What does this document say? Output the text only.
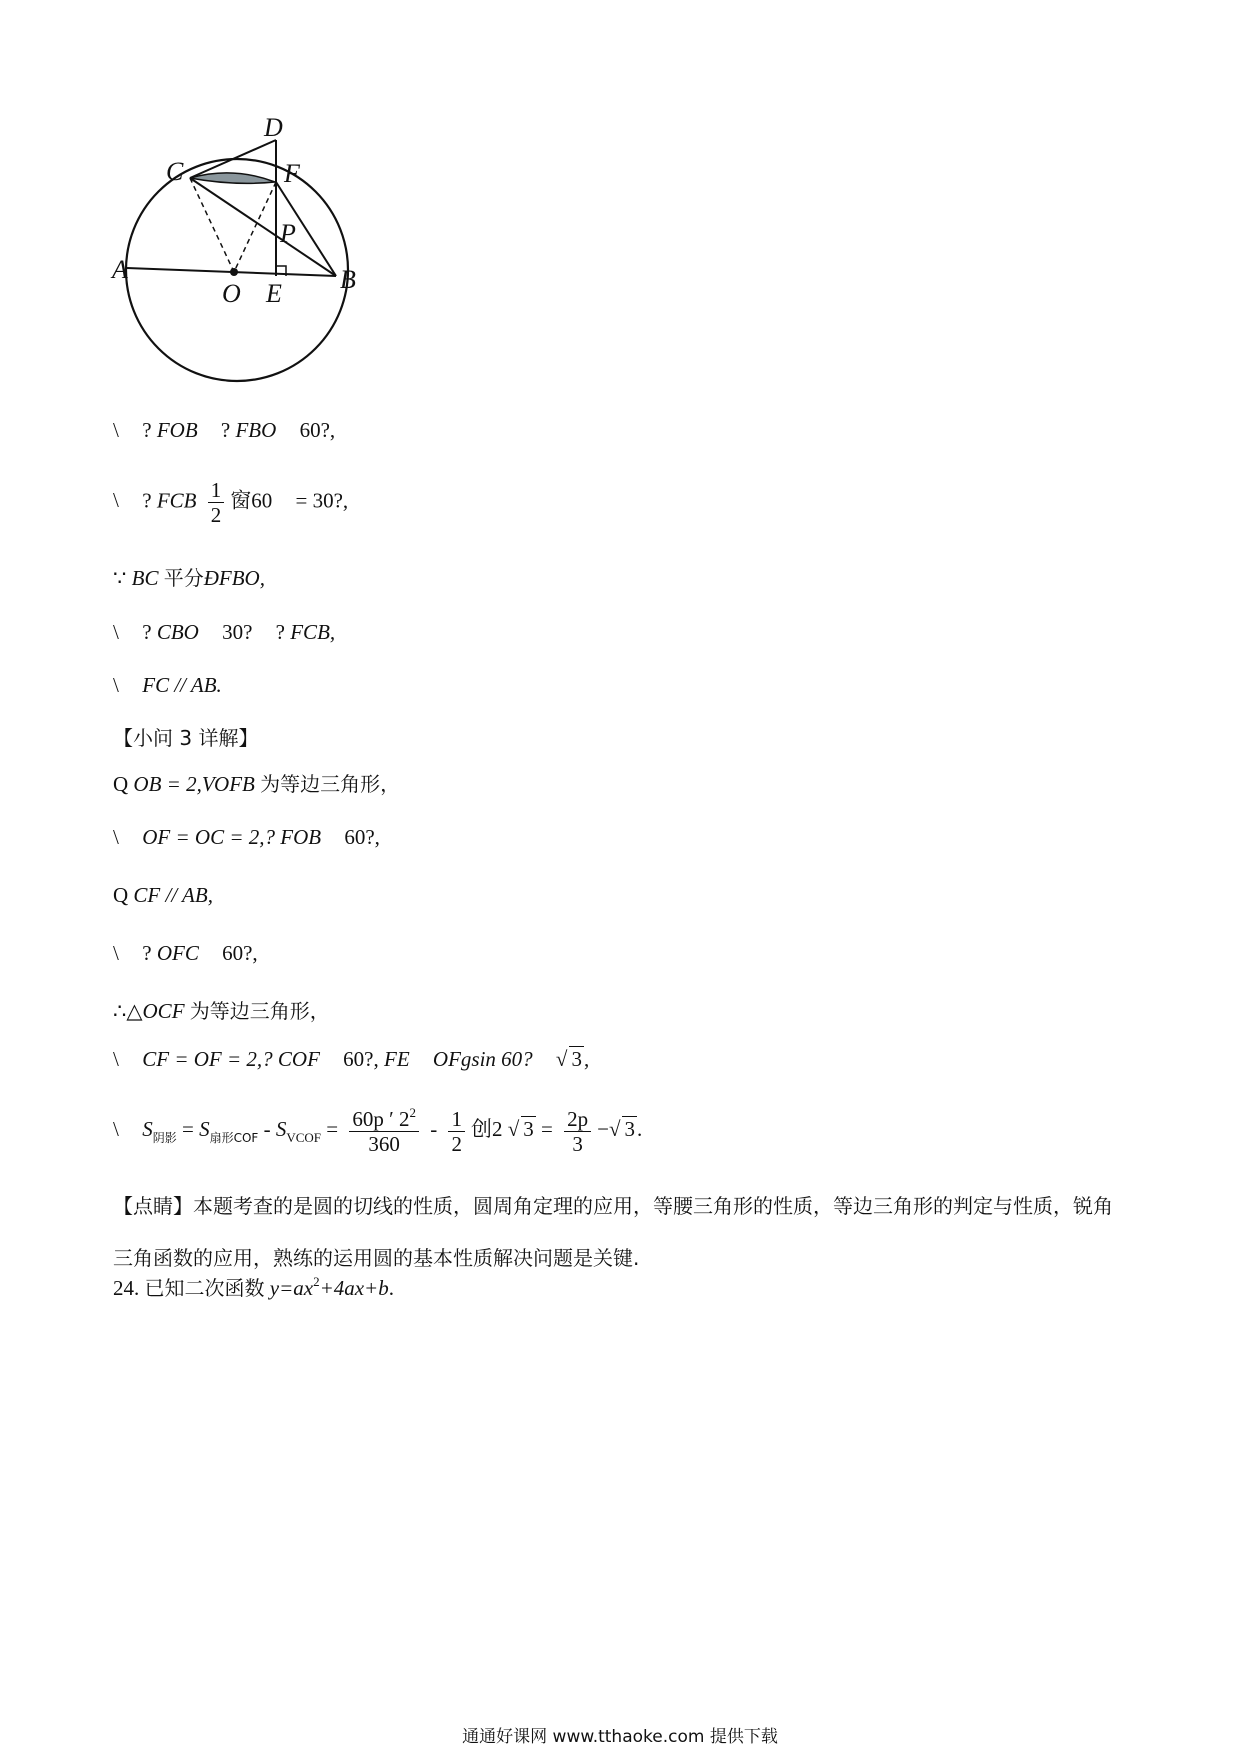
A	B
C
D
E
F
O
P
\ ? FOB ? FBO 60?,
\ ? FCB $\frac{1}{2}$ 窗60 = 30?,
∵ BC 平分ÐFBO,
\ ? CBO 30? ? FCB,
\ FC // AB.
【小问 3 详解】
Q OB = 2,VOFB 为等边三角形，
\ OF = OC = 2,? FOB 60?,
Q CF // AB,
\ ? OFC 60?,
∴△OCF 为等边三角形，
\ CF = OF = 2,? COF 60?, FE OFgsin 60? √ 3,
\ $S_{阴影} = S_{扇形COF} - S_{VCOF} = \frac{60p ' 2^2}{360} - \frac{1}{2}$ 创2 √ $3 = \frac{2p}{3}$ −√ 3.
【点睛】本题考查的是圆的切线的性质，圆周角定理的应用，等腰三角形的性质，等边三角形的判定与性质，锐角三角函数的应用，熟练的运用圆的基本性质解决问题是关键.
24. 已知二次函数 $y=ax^2+4ax+b$.
通通好课网 www.tthaoke.com 提供下载
